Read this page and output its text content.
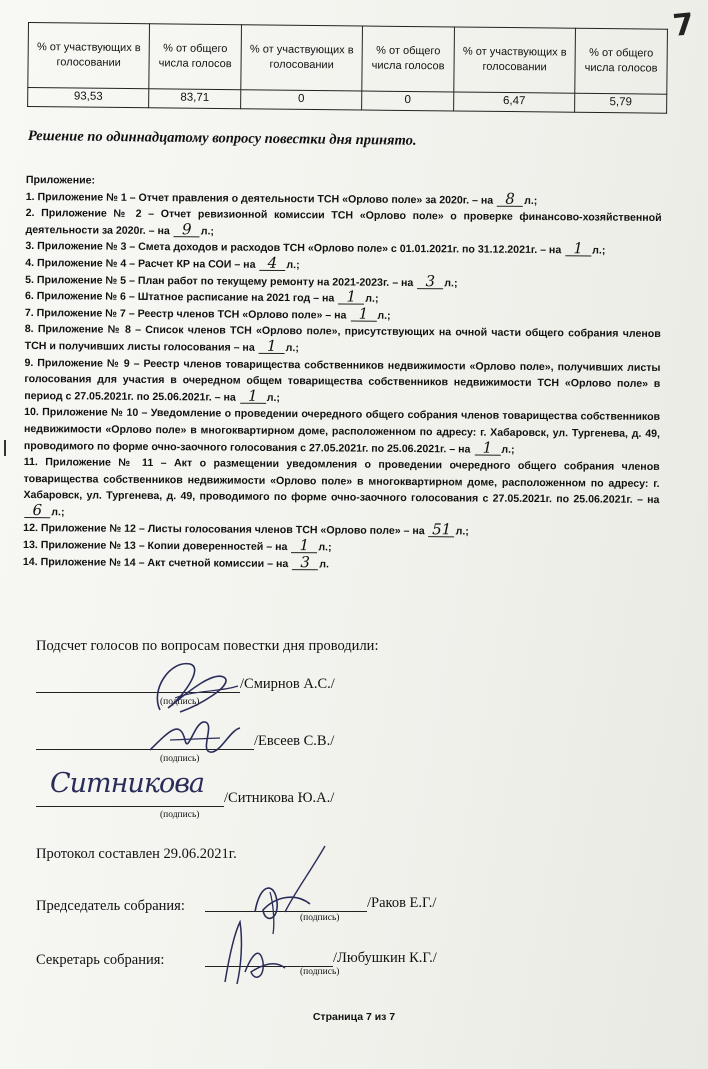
7
% от участвующих в голосовании	% от общего числа голосов	% от участвующих в голосовании	% от общего числа голосов	% от участвующих в голосовании	% от общего числа голосов
93,53	83,71	0	0	6,47	5,79
Решение по одиннадцатому вопросу повестки дня принято.

Приложение:

1. Приложение № 1 – Отчет правления о деятельности ТСН «Орлово поле» за 2020г. – на 8 л.;

2. Приложение № 2 – Отчет ревизионной комиссии ТСН «Орлово поле» о проверке финансово-хозяйственной деятельности за 2020г. – на 9 л.;

3. Приложение № 3 – Смета доходов и расходов ТСН «Орлово поле» с 01.01.2021г. по 31.12.2021г. – на 1 л.;

4. Приложение № 4 – Расчет КР на СОИ – на 4 л.;

5. Приложение № 5 – План работ по текущему ремонту на 2021-2023г. – на 3 л.;

6. Приложение № 6 – Штатное расписание на 2021 год – на 1 л.;

7. Приложение № 7 – Реестр членов ТСН «Орлово поле» – на 1 л.;

8. Приложение № 8 – Список членов ТСН «Орлово поле», присутствующих на очной части общего собрания членов ТСН и получивших листы голосования – на 1 л.;

9. Приложение № 9 – Реестр членов товарищества собственников недвижимости «Орлово поле», получивших листы голосования для участия в очередном общем товарищества собственников недвижимости ТСН «Орлово поле» в период с 27.05.2021г. по 25.06.2021г. – на 1 л.;

10. Приложение № 10 – Уведомление о проведении очередного общего собрания членов товарищества собственников недвижимости «Орлово поле» в многоквартирном доме, расположенном по адресу: г. Хабаровск, ул. Тургенева, д. 49, проводимого по форме очно-заочного голосования с 27.05.2021г. по 25.06.2021г. – на 1 л.;

11. Приложение № 11 – Акт о размещении уведомления о проведении очередного общего собрания членов товарищества собственников недвижимости «Орлово поле» в многоквартирном доме, расположенном по адресу: г. Хабаровск, ул. Тургенева, д. 49, проводимого по форме очно-заочного голосования с 27.05.2021г. по 25.06.2021г. – на 6 л.;

12. Приложение № 12 – Листы голосования членов ТСН «Орлово поле» – на 51 л.;

13. Приложение № 13 – Копии доверенностей – на 1 л.;

14. Приложение № 14 – Акт счетной комиссии – на 3 л.

Подсчет голосов по вопросам повестки дня проводили:
/Смирнов А.С./
(подпись)
/Евсеев С.В./
(подпись)
/Ситникова Ю.А./
(подпись)
Ситникова
Протокол составлен 29.06.2021г.
Председатель собрания:	/Раков Е.Г./
(подпись)
Секретарь собрания:	/Любушкин К.Г./
(подпись)
Страница 7 из 7
